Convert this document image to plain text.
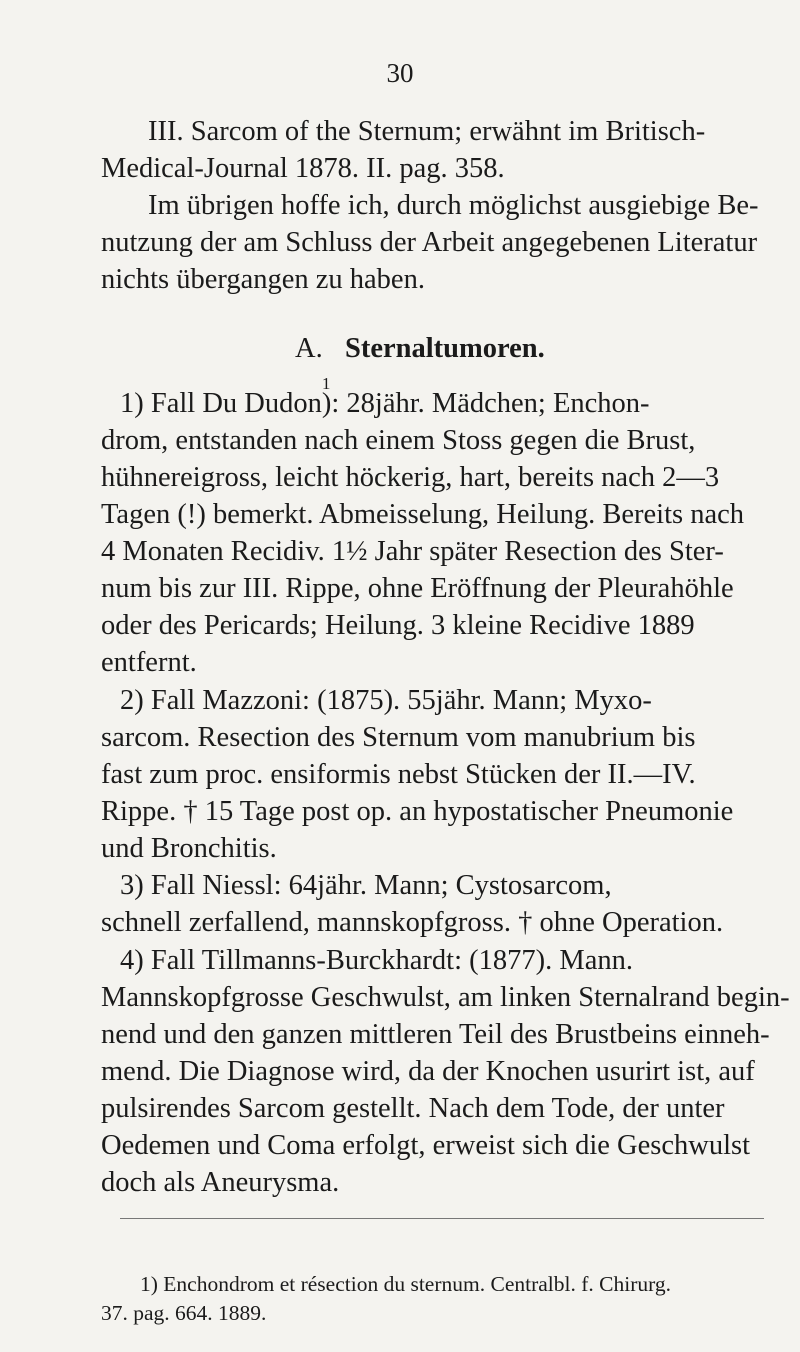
30
III. Sarcom of the Sternum; erwähnt im Britisch-
Medical-Journal 1878. II. pag. 358.
Im übrigen hoffe ich, durch möglichst ausgiebige Be-
nutzung der am Schluss der Arbeit angegebenen Literatur
nichts übergangen zu haben.
A. Sternaltumoren.
1) Fall Du Dudon
1
): 28jähr. Mädchen; Enchon-
drom, entstanden nach einem Stoss gegen die Brust,
hühnereigross, leicht höckerig, hart, bereits nach 2—3
Tagen (!) bemerkt. Abmeisselung, Heilung. Bereits nach
4 Monaten Recidiv. 1½ Jahr später Resection des Ster-
num bis zur III. Rippe, ohne Eröffnung der Pleurahöhle
oder des Pericards; Heilung. 3 kleine Recidive 1889
entfernt.
2) Fall Mazzoni: (1875). 55jähr. Mann; Myxo-
sarcom. Resection des Sternum vom manubrium bis
fast zum proc. ensiformis nebst Stücken der II.—IV.
Rippe. † 15 Tage post op. an hypostatischer Pneumonie
und Bronchitis.
3) Fall Niessl: 64jähr. Mann; Cystosarcom,
schnell zerfallend, mannskopfgross. † ohne Operation.
4) Fall Tillmanns-Burckhardt: (1877). Mann.
Mannskopfgrosse Geschwulst, am linken Sternalrand begin-
nend und den ganzen mittleren Teil des Brustbeins einneh-
mend. Die Diagnose wird, da der Knochen usurirt ist, auf
pulsirendes Sarcom gestellt. Nach dem Tode, der unter
Oedemen und Coma erfolgt, erweist sich die Geschwulst
doch als Aneurysma.
1) Enchondrom et résection du sternum. Centralbl. f. Chirurg.
37. pag. 664. 1889.
